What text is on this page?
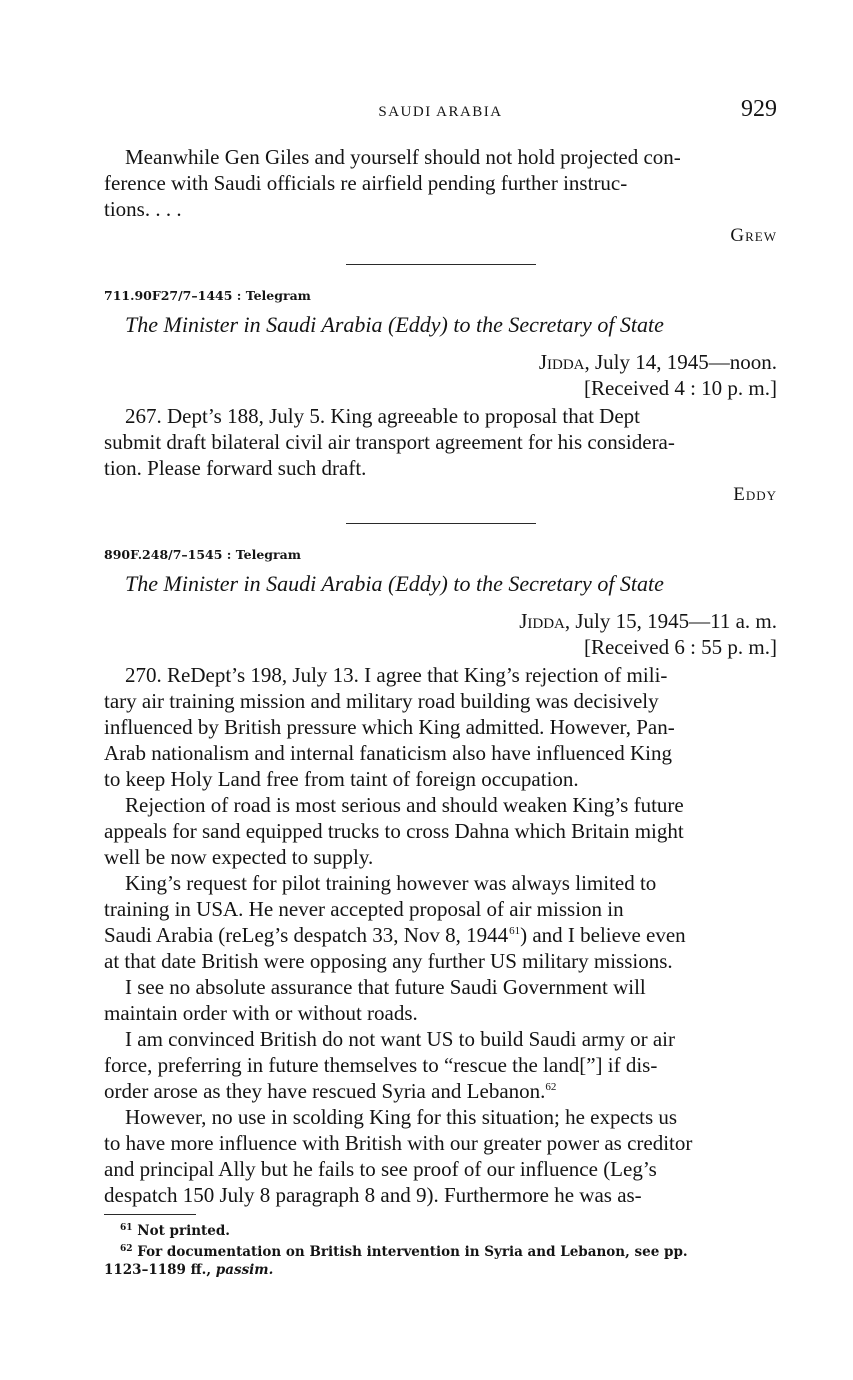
SAUDI ARABIA	929

Meanwhile Gen Giles and yourself should not hold projected con-
ference with Saudi officials re airfield pending further instruc-
tions. . . .

Grew
711.90F27/7–1445 : Telegram
The Minister in Saudi Arabia (Eddy) to the Secretary of State
Jidda, July 14, 1945—noon.
[Received 4 : 10 p. m.]

267. Dept’s 188, July 5. King agreeable to proposal that Dept
submit draft bilateral civil air transport agreement for his considera-
tion. Please forward such draft.

Eddy
890F.248/7–1545 : Telegram
The Minister in Saudi Arabia (Eddy) to the Secretary of State
Jidda, July 15, 1945—11 a. m.
[Received 6 : 55 p. m.]

270. ReDept’s 198, July 13. I agree that King’s rejection of mili-
tary air training mission and military road building was decisively
influenced by British pressure which King admitted. However, Pan-
Arab nationalism and internal fanaticism also have influenced King
to keep Holy Land free from taint of foreign occupation.

Rejection of road is most serious and should weaken King’s future
appeals for sand equipped trucks to cross Dahna which Britain might
well be now expected to supply.

King’s request for pilot training however was always limited to
training in USA. He never accepted proposal of air mission in
Saudi Arabia (reLeg’s despatch 33, Nov 8, 1944 $^{61}$) and I believe even
at that date British were opposing any further US military missions.

I see no absolute assurance that future Saudi Government will
maintain order with or without roads.

I am convinced British do not want US to build Saudi army or air
force, preferring in future themselves to “rescue the land[”] if dis-
order arose as they have rescued Syria and Lebanon.$^{62}$

However, no use in scolding King for this situation; he expects us
to have more influence with British with our greater power as creditor
and principal Ally but he fails to see proof of our influence (Leg’s
despatch 150 July 8 paragraph 8 and 9). Furthermore he was as-

$^{61}$ Not printed.
$^{62}$ For documentation on British intervention in Syria and Lebanon, see pp.
1123–1189 ff., passim.
